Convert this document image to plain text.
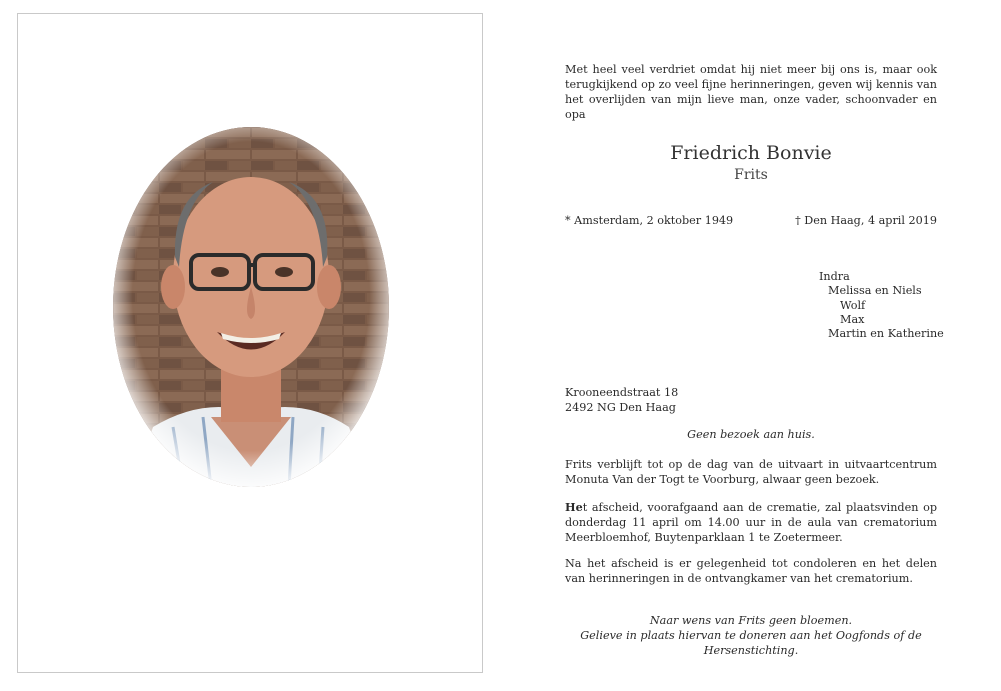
Met heel veel verdriet omdat hij niet meer bij ons is, maar ook terugkijkend op zo veel fijne herinneringen, geven wij kennis van het overlijden van mijn lieve man, onze vader, schoonvader en opa

Friedrich Bonvie
Frits
* Amsterdam, 2 oktober 1949	† Den Haag, 4 april 2019
Indra
Melissa en Niels
Wolf
Max
Martin en Katherine
Krooneendstraat 18
2492 NG Den Haag
Geen bezoek aan huis.

Frits verblijft tot op de dag van de uitvaart in uitvaartcentrum Monuta Van der Togt te Voorburg, alwaar geen bezoek.

Het afscheid, voorafgaand aan de crematie, zal plaatsvinden op donderdag 11 april om 14.00 uur in de aula van crematorium Meerbloemhof, Buytenparklaan 1 te Zoetermeer.

Na het afscheid is er gelegenheid tot condoleren en het delen van herinneringen in de ontvangkamer van het crematorium.

Naar wens van Frits geen bloemen.
Gelieve in plaats hiervan te doneren aan het Oogfonds of de Hersenstichting.
